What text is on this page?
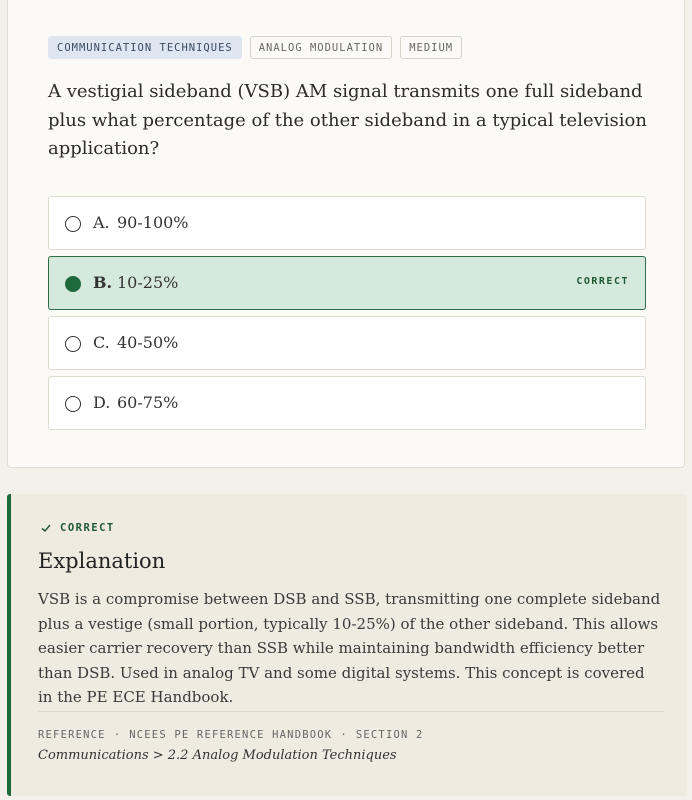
COMMUNICATION TECHNIQUES	ANALOG MODULATION	MEDIUM
A vestigial sideband (VSB) AM signal transmits one full sideband plus what percentage of the other sideband in a typical television application?
A. 90-100%
B. 10-25%	CORRECT
C. 40-50%
D. 60-75%
CORRECT
Explanation
VSB is a compromise between DSB and SSB, transmitting one complete sideband plus a vestige (small portion, typically 10-25%) of the other sideband. This allows easier carrier recovery than SSB while maintaining bandwidth efficiency better than DSB. Used in analog TV and some digital systems. This concept is covered in the PE ECE Handbook.
REFERENCE · NCEES PE REFERENCE HANDBOOK · SECTION 2
Communications > 2.2 Analog Modulation Techniques
